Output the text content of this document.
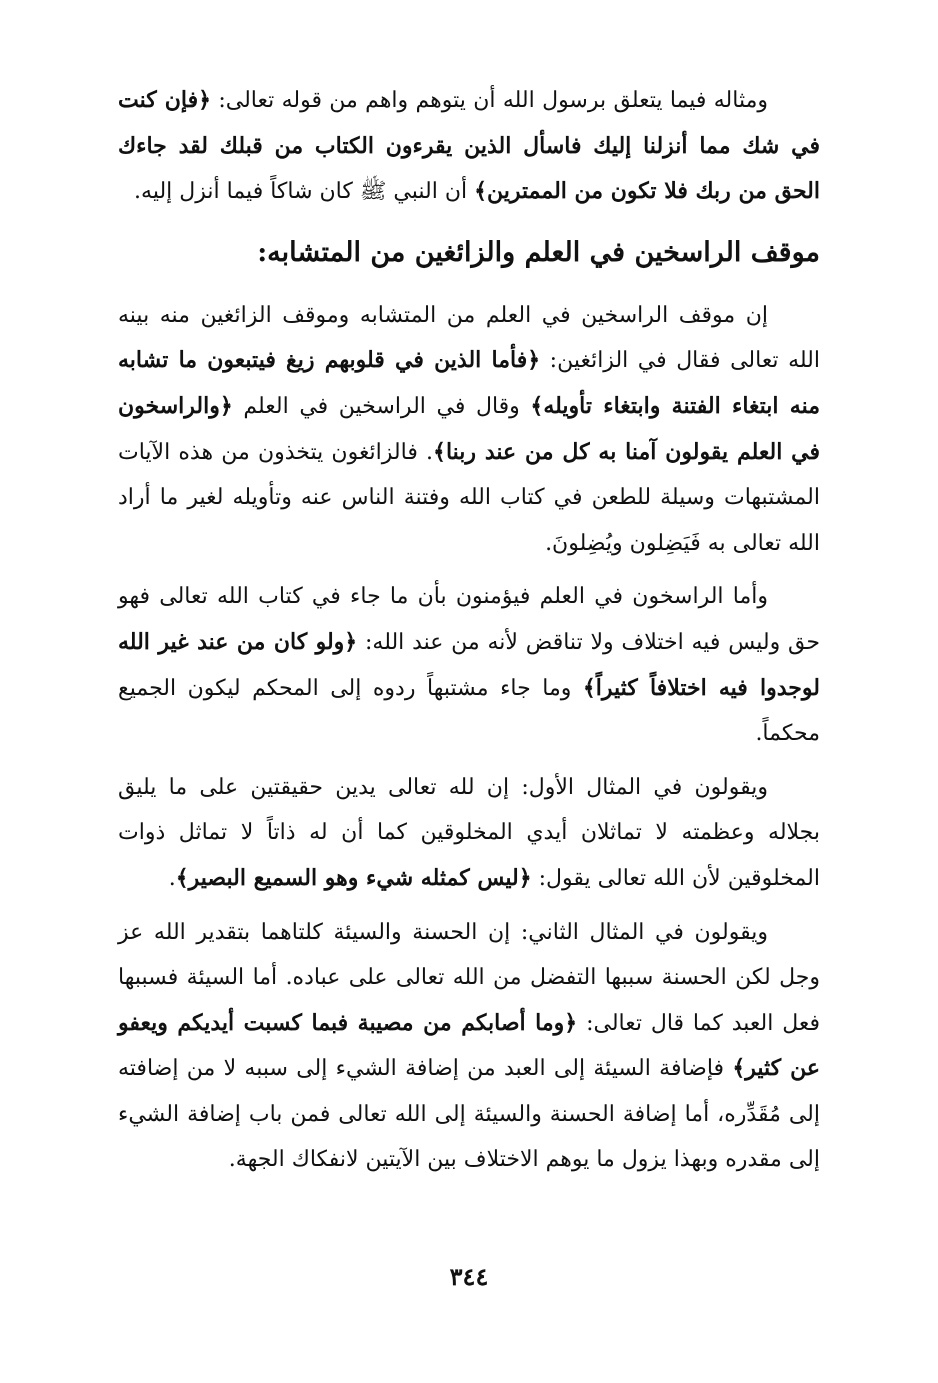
ومثاله فيما يتعلق برسول الله أن يتوهم واهم من قوله تعالى: ﴿فإن كنت في شك مما أنزلنا إليك فاسأل الذين يقرءون الكتاب من قبلك لقد جاءك الحق من ربك فلا تكون من الممترين﴾ أن النبي ﷺ كان شاكاً فيما أنزل إليه.

موقف الراسخين في العلم والزائغين من المتشابه:

إن موقف الراسخين في العلم من المتشابه وموقف الزائغين منه بينه الله تعالى فقال في الزائغين: ﴿فأما الذين في قلوبهم زيغ فيتبعون ما تشابه منه ابتغاء الفتنة وابتغاء تأويله﴾ وقال في الراسخين في العلم ﴿والراسخون في العلم يقولون آمنا به كل من عند ربنا﴾. فالزائغون يتخذون من هذه الآيات المشتبهات وسيلة للطعن في كتاب الله وفتنة الناس عنه وتأويله لغير ما أراد الله تعالى به فَيَضِلون ويُضِلونَ.

وأما الراسخون في العلم فيؤمنون بأن ما جاء في كتاب الله تعالى فهو حق وليس فيه اختلاف ولا تناقض لأنه من عند الله: ﴿ولو كان من عند غير الله لوجدوا فيه اختلافاً كثيراً﴾ وما جاء مشتبهاً ردوه إلى المحكم ليكون الجميع محكماً.

ويقولون في المثال الأول: إن لله تعالى يدين حقيقتين على ما يليق بجلاله وعظمته لا تماثلان أيدي المخلوقين كما أن له ذاتاً لا تماثل ذوات المخلوقين لأن الله تعالى يقول: ﴿ليس كمثله شيء وهو السميع البصير﴾.

ويقولون في المثال الثاني: إن الحسنة والسيئة كلتاهما بتقدير الله عز وجل لكن الحسنة سببها التفضل من الله تعالى على عباده. أما السيئة فسببها فعل العبد كما قال تعالى: ﴿وما أصابكم من مصيبة فبما كسبت أيديكم ويعفو عن كثير﴾ فإضافة السيئة إلى العبد من إضافة الشيء إلى سببه لا من إضافته إلى مُقَدِّره، أما إضافة الحسنة والسيئة إلى الله تعالى فمن باب إضافة الشيء إلى مقدره وبهذا يزول ما يوهم الاختلاف بين الآيتين لانفكاك الجهة.

٣٤٤
